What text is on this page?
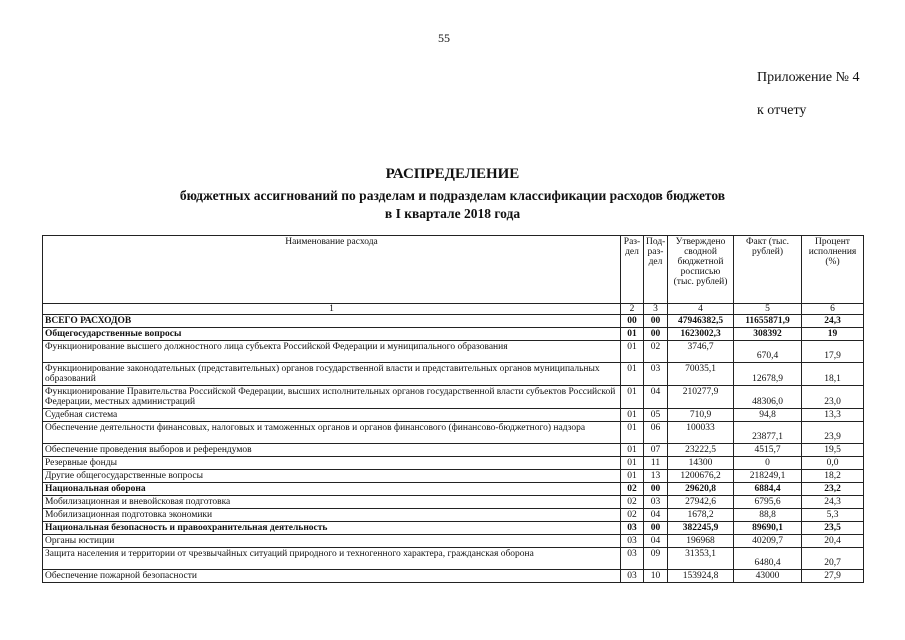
55
Приложение № 4
к отчету
РАСПРЕДЕЛЕНИЕ
бюджетных ассигнований по разделам и подразделам классификации расходов бюджетов
в I квартале 2018 года
Наименование расхода	Раз-дел	Под-раз-дел	Утверждено сводной бюджетной росписью (тыс. рублей)	Факт (тыс. рублей)	Процент исполнения (%)
1	2	3	4	5	6
ВСЕГО РАСХОДОВ	00	00	47946382,5	11655871,9	24,3
Общегосударственные вопросы	01	00	1623002,3	308392	19
Функционирование высшего должностного лица субъекта Российской Федерации и муниципального образования	01	02	3746,7	670,4	17,9
Функционирование законодательных (представительных) органов государственной власти и представительных органов муниципальных образований	01	03	70035,1	12678,9	18,1
Функционирование Правительства Российской Федерации, высших исполнительных органов государственной власти субъектов Российской Федерации, местных администраций	01	04	210277,9	48306,0	23,0
Судебная система	01	05	710,9	94,8	13,3
Обеспечение деятельности финансовых, налоговых и таможенных органов и органов финансового (финансово-бюджетного) надзора	01	06	100033	23877,1	23,9
Обеспечение проведения выборов и референдумов	01	07	23222,5	4515,7	19,5
Резервные фонды	01	11	14300	0	0,0
Другие общегосударственные вопросы	01	13	1200676,2	218249,1	18,2
Национальная оборона	02	00	29620,8	6884,4	23,2
Мобилизационная и вневойсковая подготовка	02	03	27942,6	6795,6	24,3
Мобилизационная подготовка экономики	02	04	1678,2	88,8	5,3
Национальная безопасность и правоохранительная деятельность	03	00	382245,9	89690,1	23,5
Органы юстиции	03	04	196968	40209,7	20,4
Защита населения и территории от чрезвычайных ситуаций природного и техногенного характера, гражданская оборона	03	09	31353,1	6480,4	20,7
Обеспечение пожарной безопасности	03	10	153924,8	43000	27,9
